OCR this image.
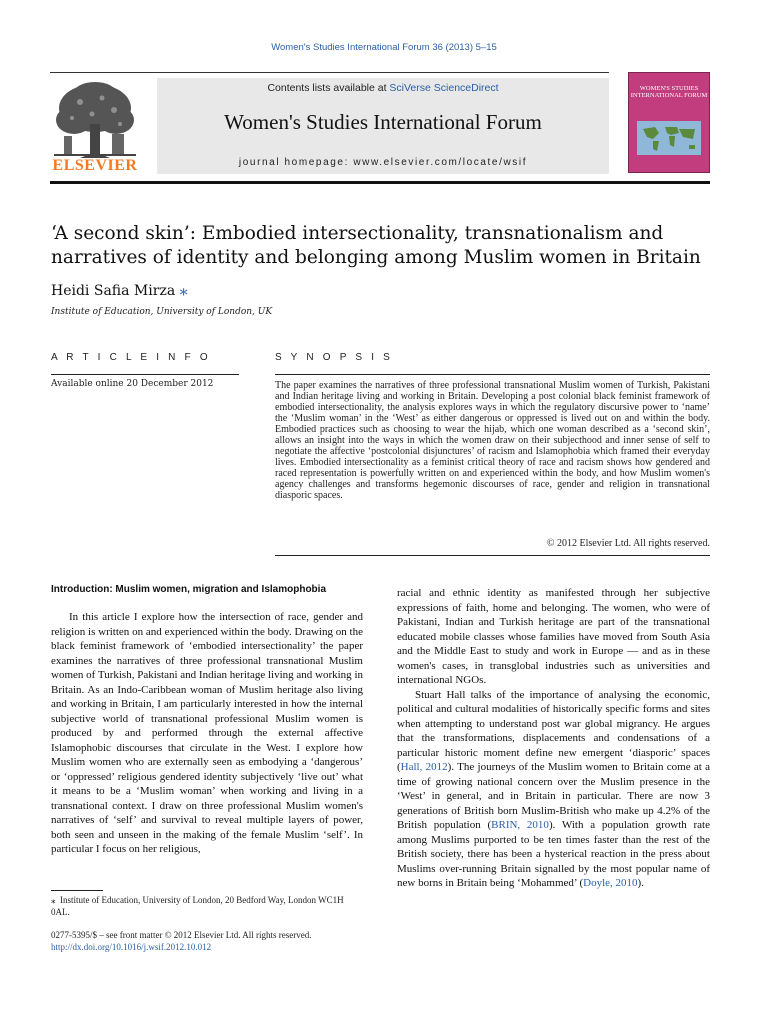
Women's Studies International Forum 36 (2013) 5–15
ELSEVIER
Contents lists available at SciVerse ScienceDirect
Women's Studies International Forum
journal homepage: www.elsevier.com/locate/wsif
WOMEN'S STUDIES INTERNATIONAL FORUM
‘A second skin’: Embodied intersectionality, transnationalism and narratives of identity and belonging among Muslim women in Britain
Heidi Safia Mirza ⁎
Institute of Education, University of London, UK
A R T I C L E I N F O	S Y N O P S I S
Available online 20 December 2012	The paper examines the narratives of three professional transnational Muslim women of Turkish, Pakistani and Indian heritage living and working in Britain. Developing a post colonial black feminist framework of embodied intersectionality, the analysis explores ways in which the regulatory discursive power to ‘name’ the ‘Muslim woman’ in the ‘West’ as either dangerous or oppressed is lived out on and within the body. Embodied practices such as choosing to wear the hijab, which one woman described as a ‘second skin’, allows an insight into the ways in which the women draw on their subjecthood and inner sense of self to negotiate the affective ‘postcolonial disjunctures’ of racism and Islamophobia which framed their everyday lives. Embodied intersectionality as a feminist critical theory of race and racism shows how gendered and raced representation is powerfully written on and experienced within the body, and how Muslim women's agency challenges and transforms hegemonic discourses of race, gender and religion in transnational diasporic spaces.
© 2012 Elsevier Ltd. All rights reserved.
Introduction: Muslim women, migration and Islamophobia

In this article I explore how the intersection of race, gender and religion is written on and experienced within the body. Drawing on the black feminist framework of ‘embodied intersectionality’ the paper examines the narratives of three professional transnational Muslim women of Turkish, Pakistani and Indian heritage living and working in Britain. As an Indo-Caribbean woman of Muslim heritage also living and working in Britain, I am particularly interested in how the internal subjective world of transnational professional Muslim women is produced by and performed through the external affective Islamophobic discourses that circulate in the West. I explore how Muslim women who are externally seen as embodying a ‘dangerous’ or ‘oppressed’ religious gendered identity subjectively ‘live out’ what it means to be a ‘Muslim woman’ when working and living in a transnational context. I draw on three professional Muslim women's narratives of ‘self’ and survival to reveal multiple layers of power, both seen and unseen in the making of the female Muslim ‘self’. In particular I focus on her religious,

racial and ethnic identity as manifested through her subjective expressions of faith, home and belonging. The women, who were of Pakistani, Indian and Turkish heritage are part of the transnational educated mobile classes whose families have moved from South Asia and the Middle East to study and work in Europe — and as in these women's cases, in transglobal industries such as universities and international NGOs.

Stuart Hall talks of the importance of analysing the economic, political and cultural modalities of historically specific forms and sites when attempting to understand post war global migrancy. He argues that the transformations, displacements and condensations of a particular historic moment define new emergent ‘diasporic’ spaces (Hall, 2012). The journeys of the Muslim women to Britain come at a time of growing national concern over the Muslim presence in the ‘West’ in general, and in Britain in particular. There are now 3 generations of British born Muslim-British who make up 4.2% of the British population (BRIN, 2010). With a population growth rate among Muslims purported to be ten times faster than the rest of the British society, there has been a hysterical reaction in the press about Muslims over-running Britain signalled by the most popular name of new borns in Britain being ‘Mohammed’ (Doyle, 2010).

⁎ Institute of Education, University of London, 20 Bedford Way, London WC1H 0AL.
0277-5395/$ – see front matter © 2012 Elsevier Ltd. All rights reserved.
http://dx.doi.org/10.1016/j.wsif.2012.10.012
